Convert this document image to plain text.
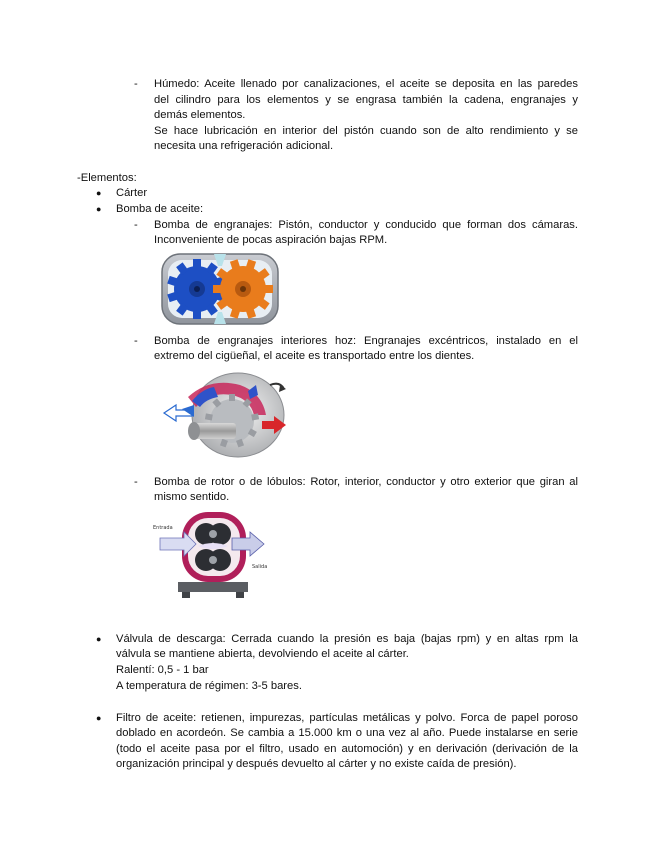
-	Húmedo: Aceite llenado por canalizaciones, el aceite se deposita en las paredes
del cilindro para los elementos y se engrasa también la cadena, engranajes y
demás elementos.
Se hace lubricación en interior del pistón cuando son de alto rendimiento y se
necesita una refrigeración adicional.
-Elementos:
●	Cárter
●	Bomba de aceite:
-	Bomba de engranajes: Pistón, conductor y conducido que forman dos cámaras.
Inconveniente de pocas aspiración bajas RPM.
-	Bomba de engranajes interiores hoz: Engranajes excéntricos, instalado en el
extremo del cigüeñal, el aceite es transportado entre los dientes.
-	Bomba de rotor o de lóbulos: Rotor, interior, conductor y otro exterior que giran al
mismo sentido.
Entrada
Salida
●	Válvula de descarga: Cerrada cuando la presión es baja (bajas rpm) y en altas rpm la
válvula se mantiene abierta, devolviendo el aceite al cárter.
Ralentí: 0,5 - 1 bar
A temperatura de régimen: 3-5 bares.
●	Filtro de aceite: retienen, impurezas, partículas metálicas y polvo. Forca de papel poroso
doblado en acordeón. Se cambia a 15.000 km o una vez al año. Puede instalarse en serie
(todo el aceite pasa por el filtro, usado en automoción) y en derivación (derivación de la
organización principal y después devuelto al cárter y no existe caída de presión).
